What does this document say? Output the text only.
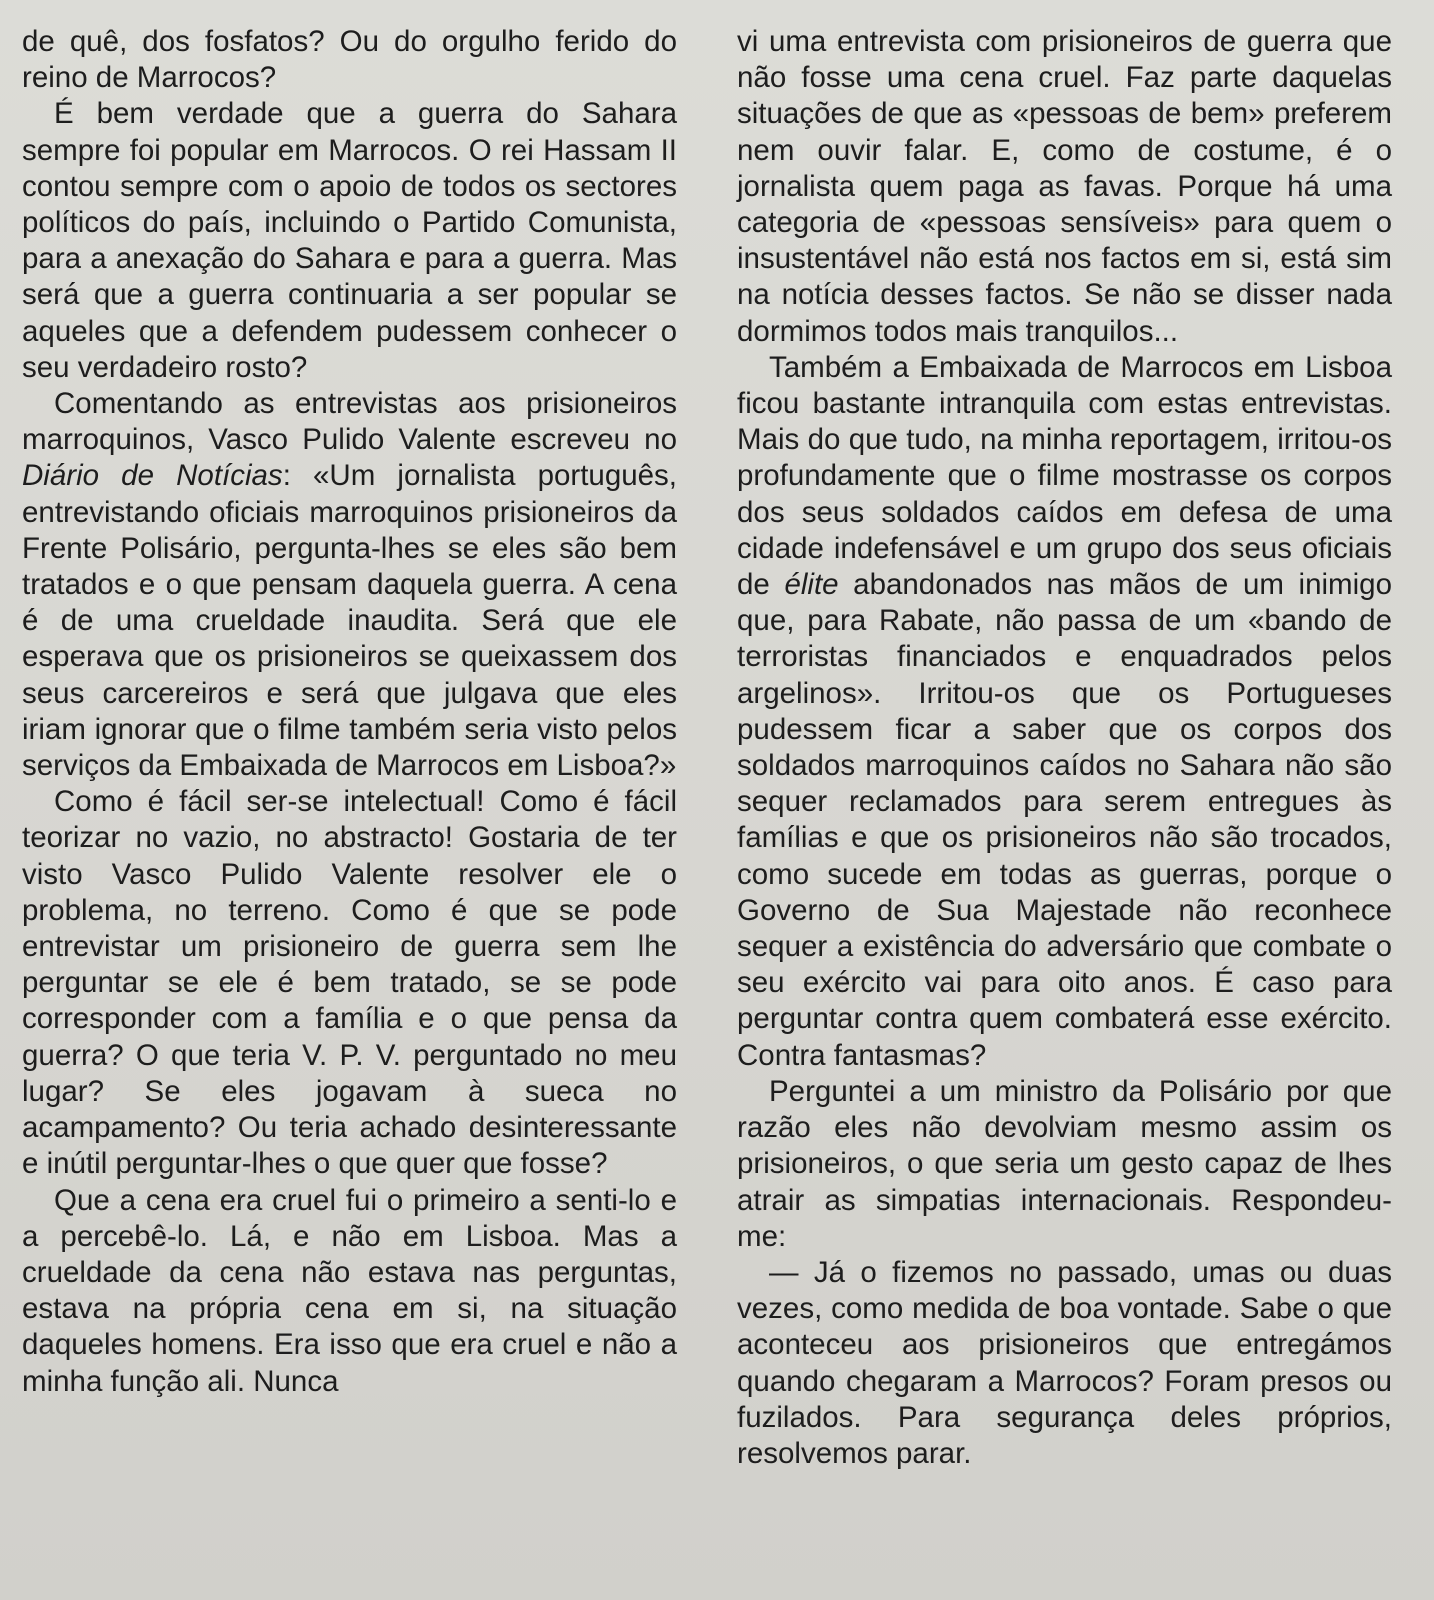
de quê, dos fosfatos? Ou do orgulho ferido do reino de Marrocos?

É bem verdade que a guerra do Sahara sempre foi popular em Marrocos. O rei Hassam II contou sempre com o apoio de todos os sectores políticos do país, incluindo o Partido Comunista, para a anexação do Sahara e para a guerra. Mas será que a guerra continuaria a ser popular se aqueles que a defendem pudessem conhecer o seu verdadeiro rosto?

Comentando as entrevistas aos prisioneiros marroquinos, Vasco Pulido Valente escreveu no Diário de Notícias: «Um jornalista português, entrevistando oficiais marroquinos prisioneiros da Frente Polisário, pergunta-lhes se eles são bem tratados e o que pensam daquela guerra. A cena é de uma crueldade inaudita. Será que ele esperava que os prisioneiros se queixassem dos seus carcereiros e será que julgava que eles iriam ignorar que o filme também seria visto pelos serviços da Embaixada de Marrocos em Lisboa?»

Como é fácil ser-se intelectual! Como é fácil teorizar no vazio, no abstracto! Gostaria de ter visto Vasco Pulido Valente resolver ele o problema, no terreno. Como é que se pode entrevistar um prisioneiro de guerra sem lhe perguntar se ele é bem tratado, se se pode corresponder com a família e o que pensa da guerra? O que teria V. P. V. perguntado no meu lugar? Se eles jogavam à sueca no acampamento? Ou teria achado desinteressante e inútil perguntar-lhes o que quer que fosse?

Que a cena era cruel fui o primeiro a senti-lo e a percebê-lo. Lá, e não em Lisboa. Mas a crueldade da cena não estava nas perguntas, estava na própria cena em si, na situação daqueles homens. Era isso que era cruel e não a minha função ali. Nunca

vi uma entrevista com prisioneiros de guerra que não fosse uma cena cruel. Faz parte daquelas situações de que as «pessoas de bem» preferem nem ouvir falar. E, como de costume, é o jornalista quem paga as favas. Porque há uma categoria de «pessoas sensíveis» para quem o insustentável não está nos factos em si, está sim na notícia desses factos. Se não se disser nada dormimos todos mais tranquilos...

Também a Embaixada de Marrocos em Lisboa ficou bastante intranquila com estas entrevistas. Mais do que tudo, na minha reportagem, irritou-os profundamente que o filme mostrasse os corpos dos seus soldados caídos em defesa de uma cidade indefensável e um grupo dos seus oficiais de élite abandonados nas mãos de um inimigo que, para Rabate, não passa de um «bando de terroristas financiados e enquadrados pelos argelinos». Irritou-os que os Portugueses pudessem ficar a saber que os corpos dos soldados marroquinos caídos no Sahara não são sequer reclamados para serem entregues às famílias e que os prisioneiros não são trocados, como sucede em todas as guerras, porque o Governo de Sua Majestade não reconhece sequer a existência do adversário que combate o seu exército vai para oito anos. É caso para perguntar contra quem combaterá esse exército. Contra fantasmas?

Perguntei a um ministro da Polisário por que razão eles não devolviam mesmo assim os prisioneiros, o que seria um gesto capaz de lhes atrair as simpatias internacionais. Respondeu-me:

— Já o fizemos no passado, umas ou duas vezes, como medida de boa vontade. Sabe o que aconteceu aos prisioneiros que entregámos quando chegaram a Marrocos? Foram presos ou fuzilados. Para segurança deles próprios, resolvemos parar.
